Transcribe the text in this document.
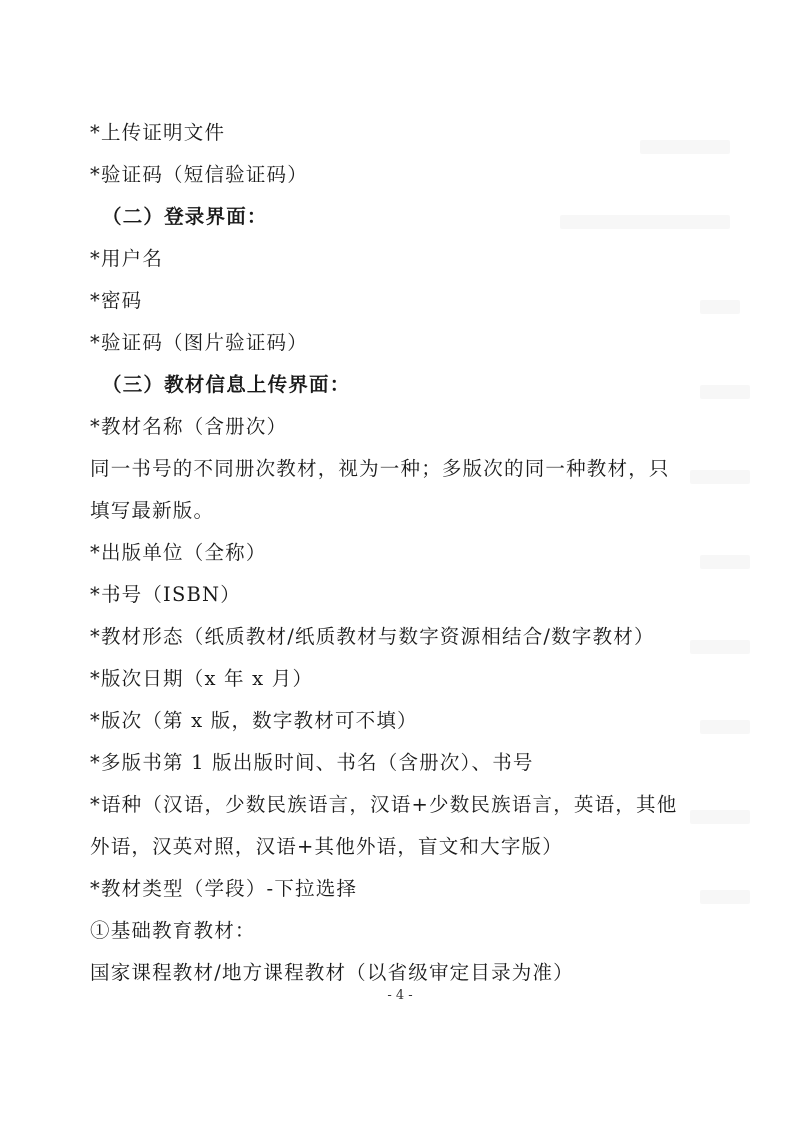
*上传证明文件
*验证码（短信验证码）
（二）登录界面：
*用户名
*密码
*验证码（图片验证码）
（三）教材信息上传界面：
*教材名称（含册次）
同一书号的不同册次教材，视为一种；多版次的同一种教材，只
填写最新版。
*出版单位（全称）
*书号（ISBN）
*教材形态（纸质教材/纸质教材与数字资源相结合/数字教材）
*版次日期（x 年 x 月）
*版次（第 x 版，数字教材可不填）
*多版书第 1 版出版时间、书名（含册次）、书号
*语种（汉语，少数民族语言，汉语+少数民族语言，英语，其他
外语，汉英对照，汉语+其他外语，盲文和大字版）
*教材类型（学段）-下拉选择
①基础教育教材：
国家课程教材/地方课程教材（以省级审定目录为准）
- 4 -
